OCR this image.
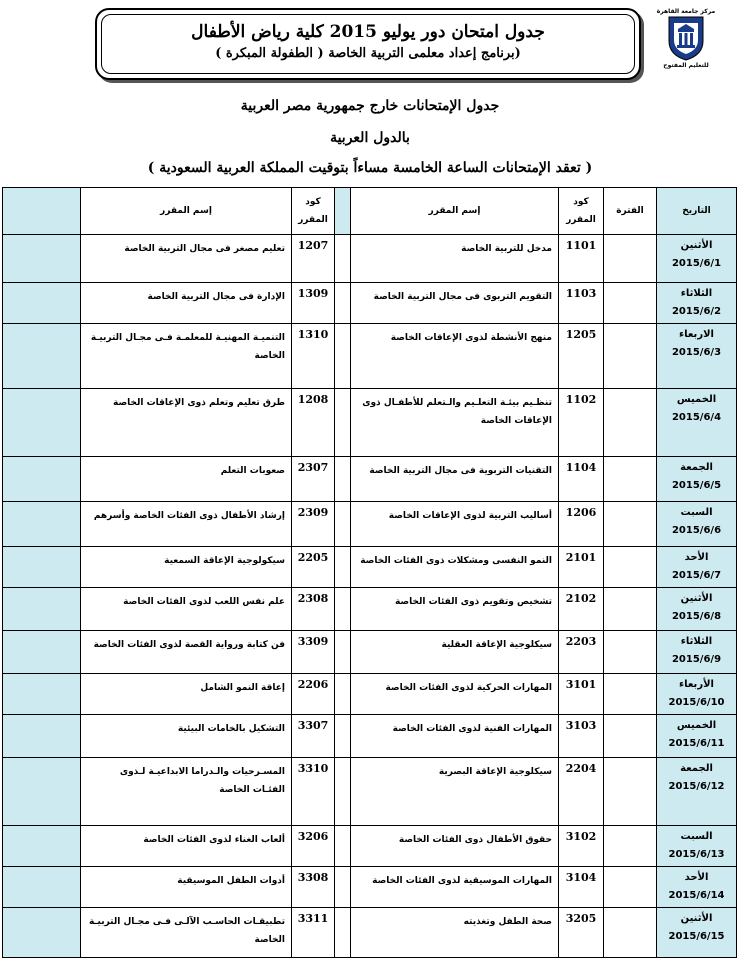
مركز جامعة القاهرة
للتعليم المفتوح
جدول امتحان دور يوليو 2015 كلية رياض الأطفال
(برنامج إعداد معلمى التربية الخاصة ( الطفولة المبكرة )
جدول الإمتحانات خارج جمهورية مصر العربية
بالدول العربية
( تعقد الإمتحانات الساعة الخامسة مساءاً بتوقيت المملكة العربية السعودية )
التاريخ	الفترة	كود المقرر	إسم المقرر		كود المقرر	إسم المقرر	

الأثنين
2015/6/1		1101	مدخل للتربية الخاصة		1207	تعليم مصغر فى مجال التربية الخاصة	

الثلاثاء
2015/6/2		1103	التقويم التربوى فى مجال التربية الخاصة		1309	الإدارة فى مجال التربية الخاصة	

الاربعاء
2015/6/3		1205	منهج الأنشطة لذوى الإعاقات الخاصة		1310	التنميـة المهنيـة للمعلمـة فـى مجـال التربيـة الخاصة	

الخميس
2015/6/4		1102	تنظـيم بيئـة التعلـيم والـتعلم للأطفـال ذوى الإعاقات الخاصة		1208	طرق تعليم وتعلم ذوى الإعاقات الخاصة	

الجمعة
2015/6/5		1104	التقنيات التربوية فى مجال التربية الخاصة		2307	صعوبات التعلم	

السبت
2015/6/6		1206	أساليب التربية لذوى الإعاقات الخاصة		2309	إرشاد الأطفال ذوى الفئات الخاصة وأسرهم	

الأحد
2015/6/7		2101	النمو النفسى ومشكلات ذوى الفئات الخاصة		2205	سيكولوجية الإعاقة السمعية	

الأثنين
2015/6/8		2102	تشخيص وتقويم ذوى الفئات الخاصة		2308	علم نفس اللعب لذوى الفئات الخاصة	

الثلاثاء
2015/6/9		2203	سيكلوجية الإعاقة العقلية		3309	فن كتابة ورواية القصة لذوى الفئات الخاصة	

الأربعاء
2015/6/10		3101	المهارات الحركية لذوى الفئات الخاصة		2206	إعاقة النمو الشامل	

الخميس
2015/6/11		3103	المهارات الفنية لذوى الفئات الخاصة		3307	التشكيل بالخامات البيئية	

الجمعة
2015/6/12		2204	سيكلوجية الإعاقة البصرية		3310	المسـرحيات والـدراما الابداعيـة لـذوى الفئـات الخاصة	

السبت
2015/6/13		3102	حقوق الأطفال ذوى الفئات الخاصة		3206	ألعاب الغناء لذوى الفئات الخاصة	

الأحد
2015/6/14		3104	المهارات الموسيقية لذوى الفئات الخاصة		3308	أدوات الطفل الموسيقية	

الأثنين
2015/6/15		3205	صحة الطفل وتغذيته		3311	تطبيقـات الحاسـب الآلـى فـى مجـال التربيـة الخاصة	
